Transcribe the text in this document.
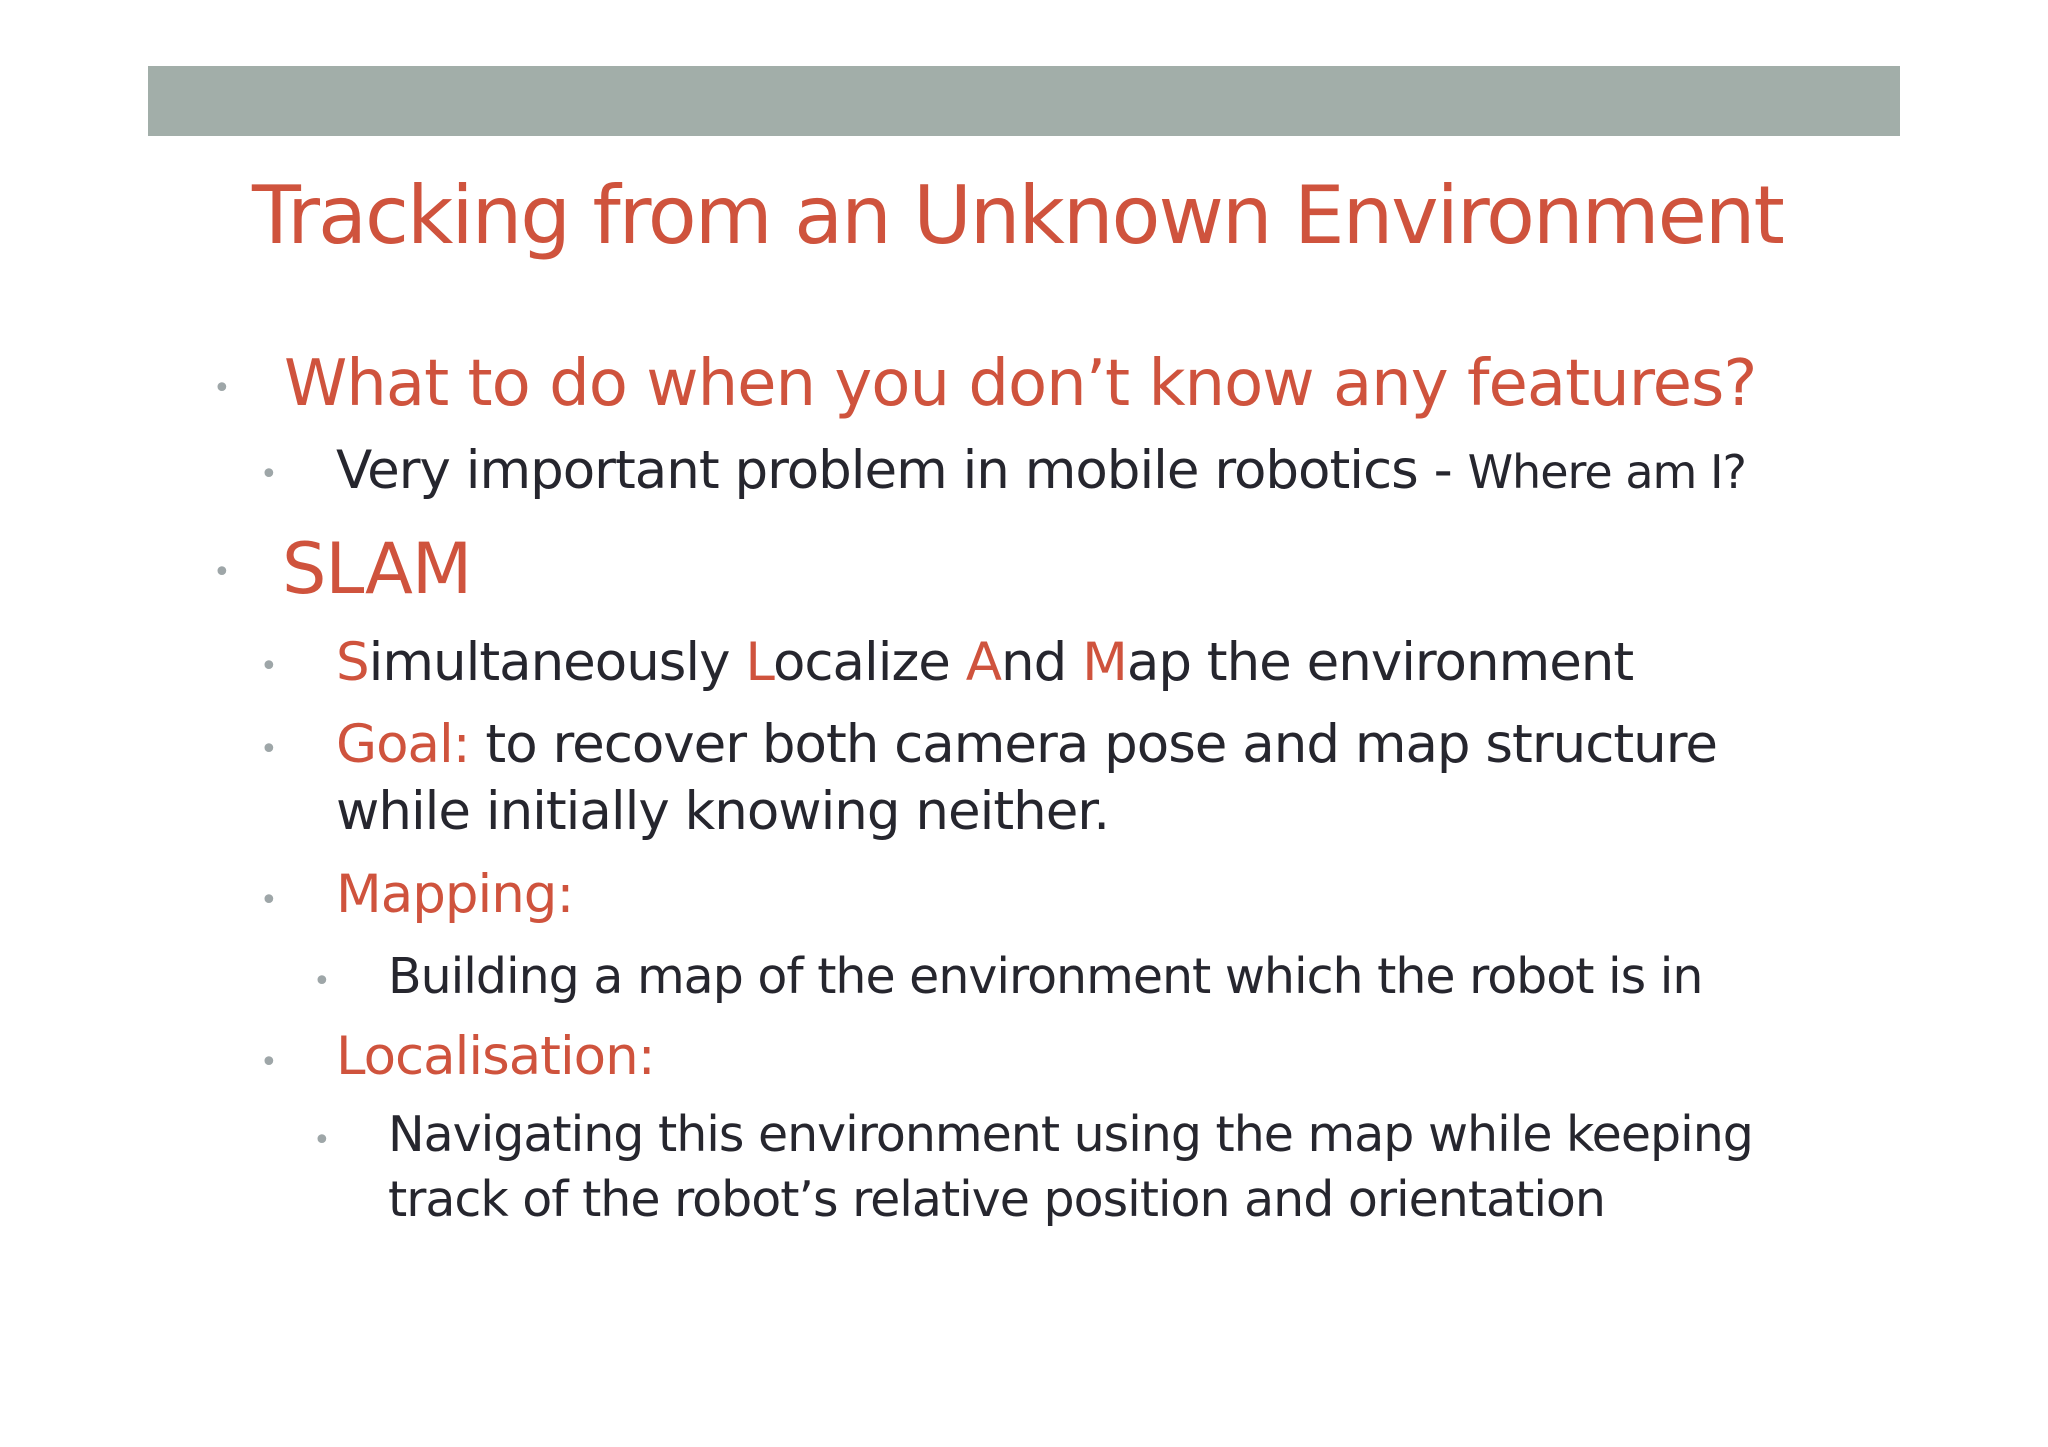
Tracking from an Unknown Environment
• What to do when you don’t know any features?
• Very important problem in mobile robotics - Where am I?
• SLAM
• Simultaneously Localize And Map the environment
• Goal: to recover both camera pose and map structure
while initially knowing neither.
• Mapping:
• Building a map of the environment which the robot is in
• Localisation:
• Navigating this environment using the map while keeping
track of the robot’s relative position and orientation
